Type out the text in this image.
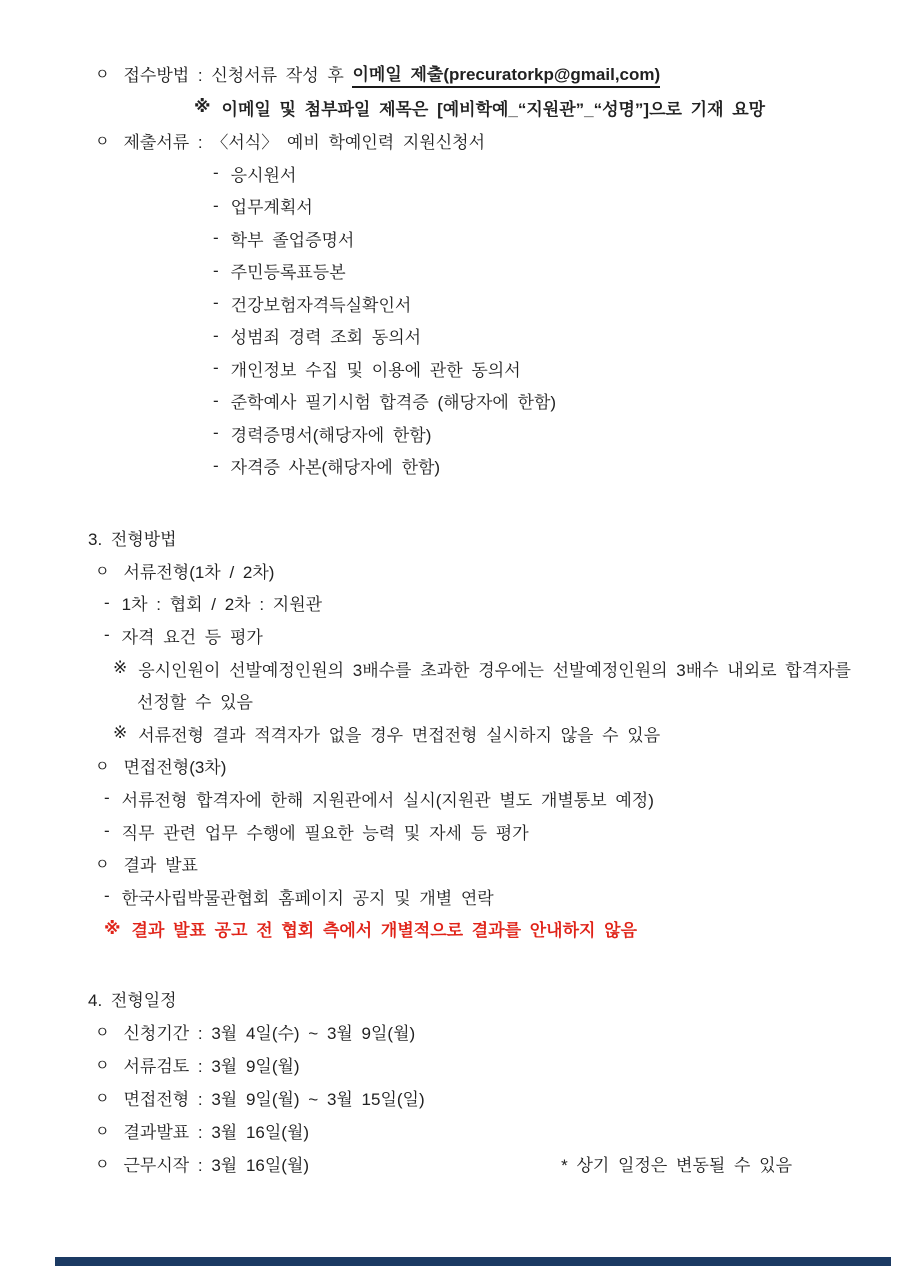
ㅇ 접수방법 : 신청서류 작성 후 이메일 제출(precuratorkp@gmail,com)
※ 이메일 및 첨부파일 제목은 [예비학예_“지원관”_“성명”]으로 기재 요망
ㅇ 제출서류 : 〈서식〉 예비 학예인력 지원신청서
- 응시원서
- 업무계획서
- 학부 졸업증명서
- 주민등록표등본
- 건강보험자격득실확인서
- 성범죄 경력 조회 동의서
- 개인정보 수집 및 이용에 관한 동의서
- 준학예사 필기시험 합격증 (해당자에 한함)
- 경력증명서(해당자에 한함)
- 자격증 사본(해당자에 한함)
3. 전형방법
ㅇ 서류전형(1차 / 2차)
- 1차 : 협회 / 2차 : 지원관
- 자격 요건 등 평가
※ 응시인원이 선발예정인원의 3배수를 초과한 경우에는 선발예정인원의 3배수 내외로 합격자를
선정할 수 있음
※ 서류전형 결과 적격자가 없을 경우 면접전형 실시하지 않을 수 있음
ㅇ 면접전형(3차)
- 서류전형 합격자에 한해 지원관에서 실시(지원관 별도 개별통보 예정)
- 직무 관련 업무 수행에 필요한 능력 및 자세 등 평가
ㅇ 결과 발표
- 한국사립박물관협회 홈페이지 공지 및 개별 연락
※ 결과 발표 공고 전 협회 측에서 개별적으로 결과를 안내하지 않음
4. 전형일정
ㅇ 신청기간 : 3월 4일(수) ~ 3월 9일(월)
ㅇ 서류검토 : 3월 9일(월)
ㅇ 면접전형 : 3월 9일(월) ~ 3월 15일(일)
ㅇ 결과발표 : 3월 16일(월)
ㅇ 근무시작 : 3월 16일(월)	* 상기 일정은 변동될 수 있음
